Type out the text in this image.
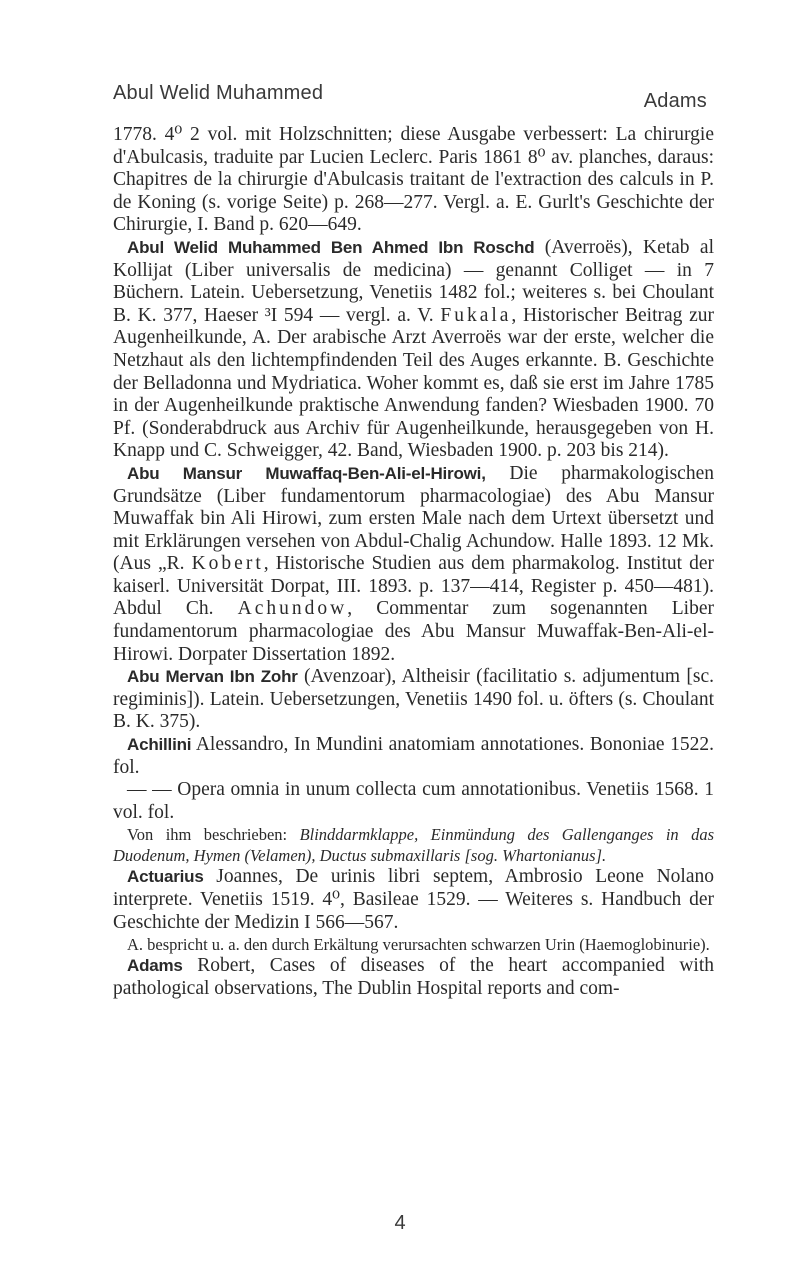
Abul Welid Muhammed	Adams

1778. 4⁰ 2 vol. mit Holzschnitten; diese Ausgabe verbessert: La chirurgie d'Abulcasis, traduite par Lucien Leclerc. Paris 1861 8⁰ av. planches, daraus: Chapitres de la chirurgie d'Abulcasis traitant de l'extraction des calculs in P. de Koning (s. vorige Seite) p. 268—277. Vergl. a. E. Gurlt's Geschichte der Chirurgie, I. Band p. 620—649.

Abul Welid Muhammed Ben Ahmed Ibn Roschd (Averroës), Ketab al Kollijat (Liber universalis de medicina) — genannt Colliget — in 7 Büchern. Latein. Uebersetzung, Venetiis 1482 fol.; weiteres s. bei Choulant B. K. 377, Haeser ³I 594 — vergl. a. V. Fukala, Historischer Beitrag zur Augenheilkunde, A. Der arabische Arzt Averroës war der erste, welcher die Netzhaut als den lichtempfindenden Teil des Auges erkannte. B. Geschichte der Belladonna und Mydriatica. Woher kommt es, daß sie erst im Jahre 1785 in der Augenheilkunde praktische Anwendung fanden? Wiesbaden 1900. 70 Pf. (Sonderabdruck aus Archiv für Augenheilkunde, herausgegeben von H. Knapp und C. Schweigger, 42. Band, Wiesbaden 1900. p. 203 bis 214).

Abu Mansur Muwaffaq-Ben-Ali-el-Hirowi, Die pharmakologischen Grundsätze (Liber fundamentorum pharmacologiae) des Abu Mansur Muwaffak bin Ali Hirowi, zum ersten Male nach dem Urtext übersetzt und mit Erklärungen versehen von Abdul-Chalig Achundow. Halle 1893. 12 Mk. (Aus „R. Kobert, Historische Studien aus dem pharmakolog. Institut der kaiserl. Universität Dorpat, III. 1893. p. 137—414, Register p. 450—481). Abdul Ch. Achundow, Commentar zum sogenannten Liber fundamentorum pharmacologiae des Abu Mansur Muwaffak-Ben-Ali-el-Hirowi. Dorpater Dissertation 1892.

Abu Mervan Ibn Zohr (Avenzoar), Altheisir (facilitatio s. adjumentum [sc. regiminis]). Latein. Uebersetzungen, Venetiis 1490 fol. u. öfters (s. Choulant B. K. 375).

Achillini Alessandro, In Mundini anatomiam annotationes. Bononiae 1522. fol.

— — Opera omnia in unum collecta cum annotationibus. Venetiis 1568. 1 vol. fol.

Von ihm beschrieben: Blinddarmklappe, Einmündung des Gallenganges in das Duodenum, Hymen (Velamen), Ductus submaxillaris [sog. Whartonianus].

Actuarius Joannes, De urinis libri septem, Ambrosio Leone Nolano interprete. Venetiis 1519. 4⁰, Basileae 1529. — Weiteres s. Handbuch der Geschichte der Medizin I 566—567.

A. bespricht u. a. den durch Erkältung verursachten schwarzen Urin (Haemoglobinurie).

Adams Robert, Cases of diseases of the heart accompanied with pathological observations, The Dublin Hospital reports and com-

4
